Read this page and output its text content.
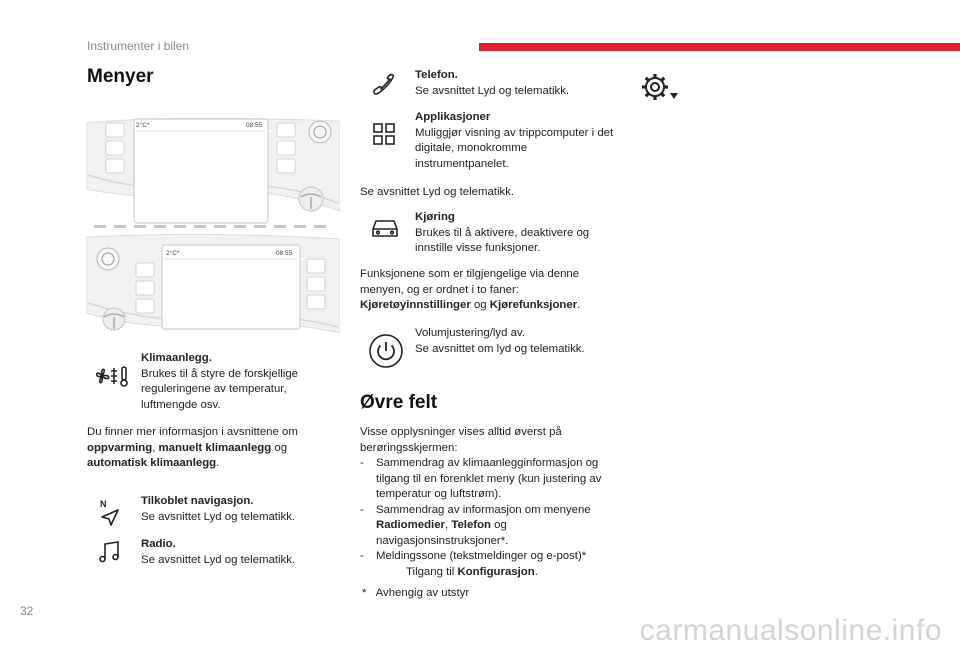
Instrumenter i bilen
Menyer
2°C*	08:55
2°C*	08:55
Klimaanlegg.
Brukes til å styre de forskjellige reguleringene av temperatur, luftmengde osv.
Du finner mer informasjon i avsnittene om oppvarming, manuelt klimaanlegg og automatisk klimaanlegg.
N	Tilkoblet navigasjon.
Se avsnittet Lyd og telematikk.
Radio.
Se avsnittet Lyd og telematikk.
Telefon.
Se avsnittet Lyd og telematikk.
Applikasjoner
Muliggjør visning av trippcomputer i det digitale, monokromme instrumentpanelet.
Se avsnittet Lyd og telematikk.
Kjøring
Brukes til å aktivere, deaktivere og innstille visse funksjoner.
Funksjonene som er tilgjengelige via denne menyen, og er ordnet i to faner: Kjøretøyinnstillinger og Kjørefunksjoner.
Volumjustering/lyd av.
Se avsnittet om lyd og telematikk.
Øvre felt
Visse opplysninger vises alltid øverst på berøringsskjermen:
-	Sammendrag av klimaanlegginformasjon og tilgang til en forenklet meny (kun justering av temperatur og luftstrøm).
-	Sammendrag av informasjon om menyene Radiomedier, Telefon og navigasjonsinstruksjoner*.
-	Meldingssone (tekstmeldinger og e-post)*
Tilgang til Konfigurasjon.
* Avhengig av utstyr
32
carmanualsonline.info
